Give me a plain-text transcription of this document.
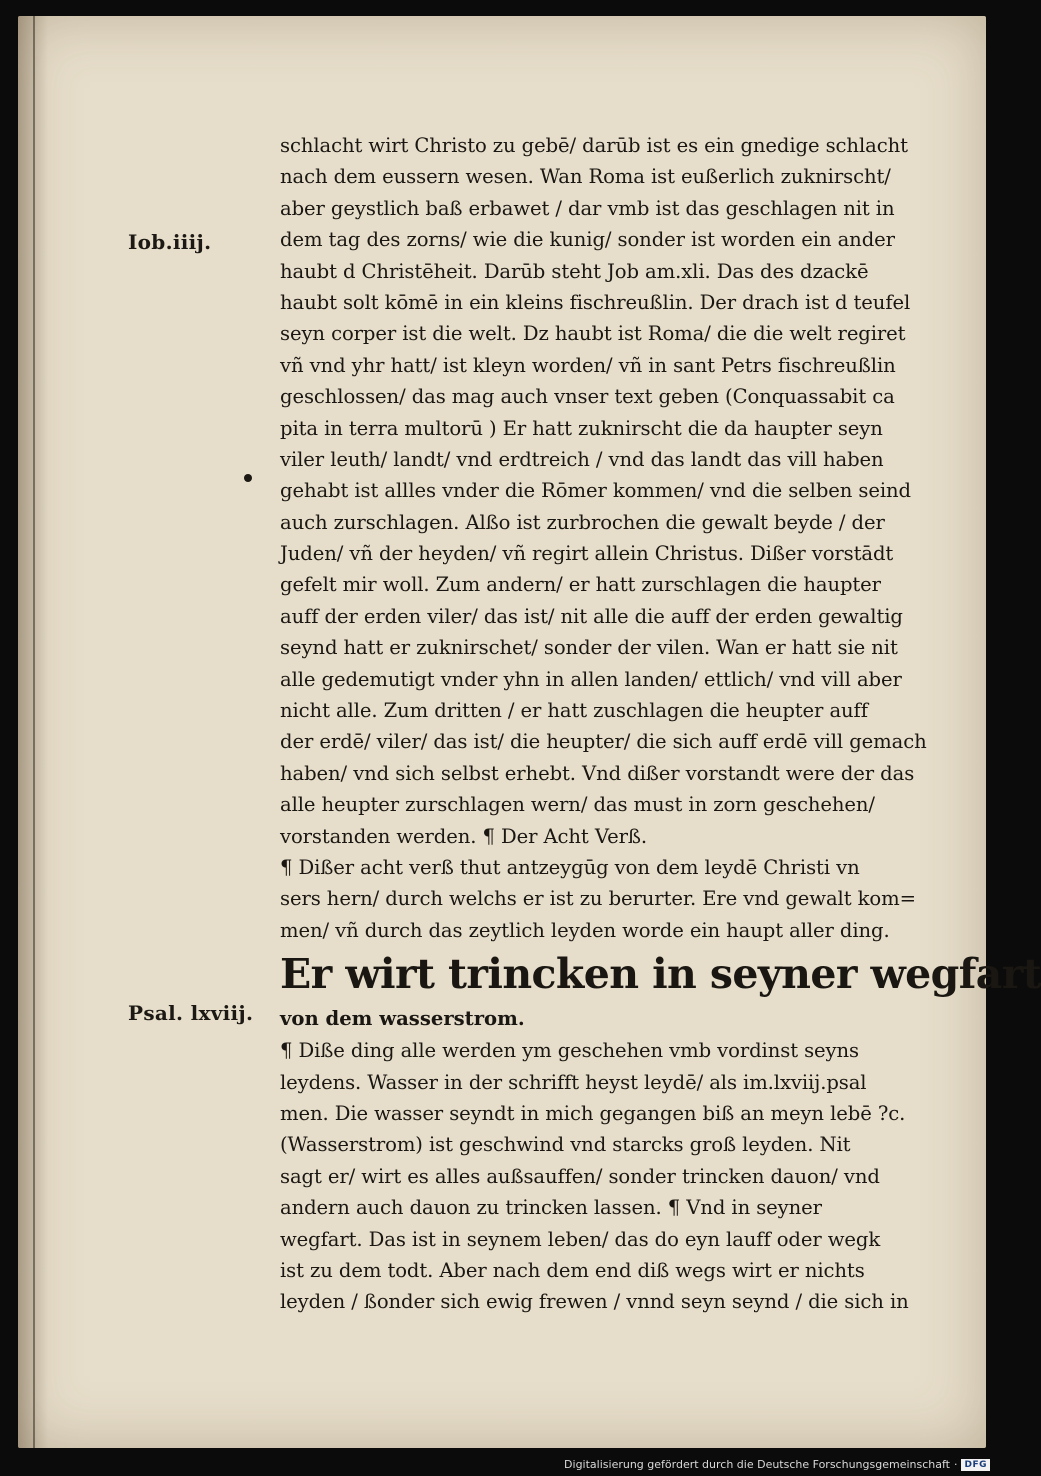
Iob.iiij.
Psal. lxviij.
schlacht wirt Christo zu gebē/ darūb ist es ein gnedige schlacht
nach dem eussern wesen. Wan Roma ist eußerlich zuknirscht/
aber geystlich baß erbawet / dar vmb ist das geschlagen nit in
dem tag des zorns/ wie die kunig/ sonder ist worden ein ander
haubt d Christēheit. Darūb steht Job am.xli. Das des dzackē
haubt solt kōmē in ein kleins fischreußlin. Der drach ist d teufel
seyn corper ist die welt. Dz haubt ist Roma/ die die welt regiret
vñ vnd yhr hatt/ ist kleyn worden/ vñ in sant Petrs fischreußlin
geschlossen/ das mag auch vnser text geben (Conquassabit ca
pita in terra multorū ) Er hatt zuknirscht die da haupter seyn
viler leuth/ landt/ vnd erdtreich / vnd das landt das vill haben
gehabt ist allles vnder die Rōmer kommen/ vnd die selben seind
auch zurschlagen. Alßo ist zurbrochen die gewalt beyde / der
Juden/ vñ der heyden/ vñ regirt allein Christus. Dißer vorstādt
gefelt mir woll. Zum andern/ er hatt zurschlagen die haupter
auff der erden viler/ das ist/ nit alle die auff der erden gewaltig
seynd hatt er zuknirschet/ sonder der vilen. Wan er hatt sie nit
alle gedemutigt vnder yhn in allen landen/ ettlich/ vnd vill aber
nicht alle. Zum dritten / er hatt zuschlagen die heupter auff
der erdē/ viler/ das ist/ die heupter/ die sich auff erdē vill gemach
haben/ vnd sich selbst erhebt. Vnd dißer vorstandt were der das
alle heupter zurschlagen wern/ das must in zorn geschehen/
vorstanden werden. ¶ Der Acht Verß.
¶ Dißer acht verß thut antzeygūg von dem leydē Christi vn
sers hern/ durch welchs er ist zu berurter. Ere vnd gewalt kom=
men/ vñ durch das zeytlich leyden worde ein haupt aller ding.
Er wirt trincken in seyner wegfart
von dem wasserstrom.
¶ Diße ding alle werden ym geschehen vmb vordinst seyns
leydens. Wasser in der schrifft heyst leydē/ als im.lxviij.psal
men. Die wasser seyndt in mich gegangen biß an meyn lebē ?c.
(Wasserstrom) ist geschwind vnd starcks groß leyden. Nit
sagt er/ wirt es alles außsauffen/ sonder trincken dauon/ vnd
andern auch dauon zu trincken lassen. ¶ Vnd in seyner
wegfart. Das ist in seynem leben/ das do eyn lauff oder wegk
ist zu dem todt. Aber nach dem end diß wegs wirt er nichts
leyden / ßonder sich ewig frewen / vnnd seyn seynd / die sich in
Digitalisierung gefördert durch die Deutsche Forschungsgemeinschaft · DFG
